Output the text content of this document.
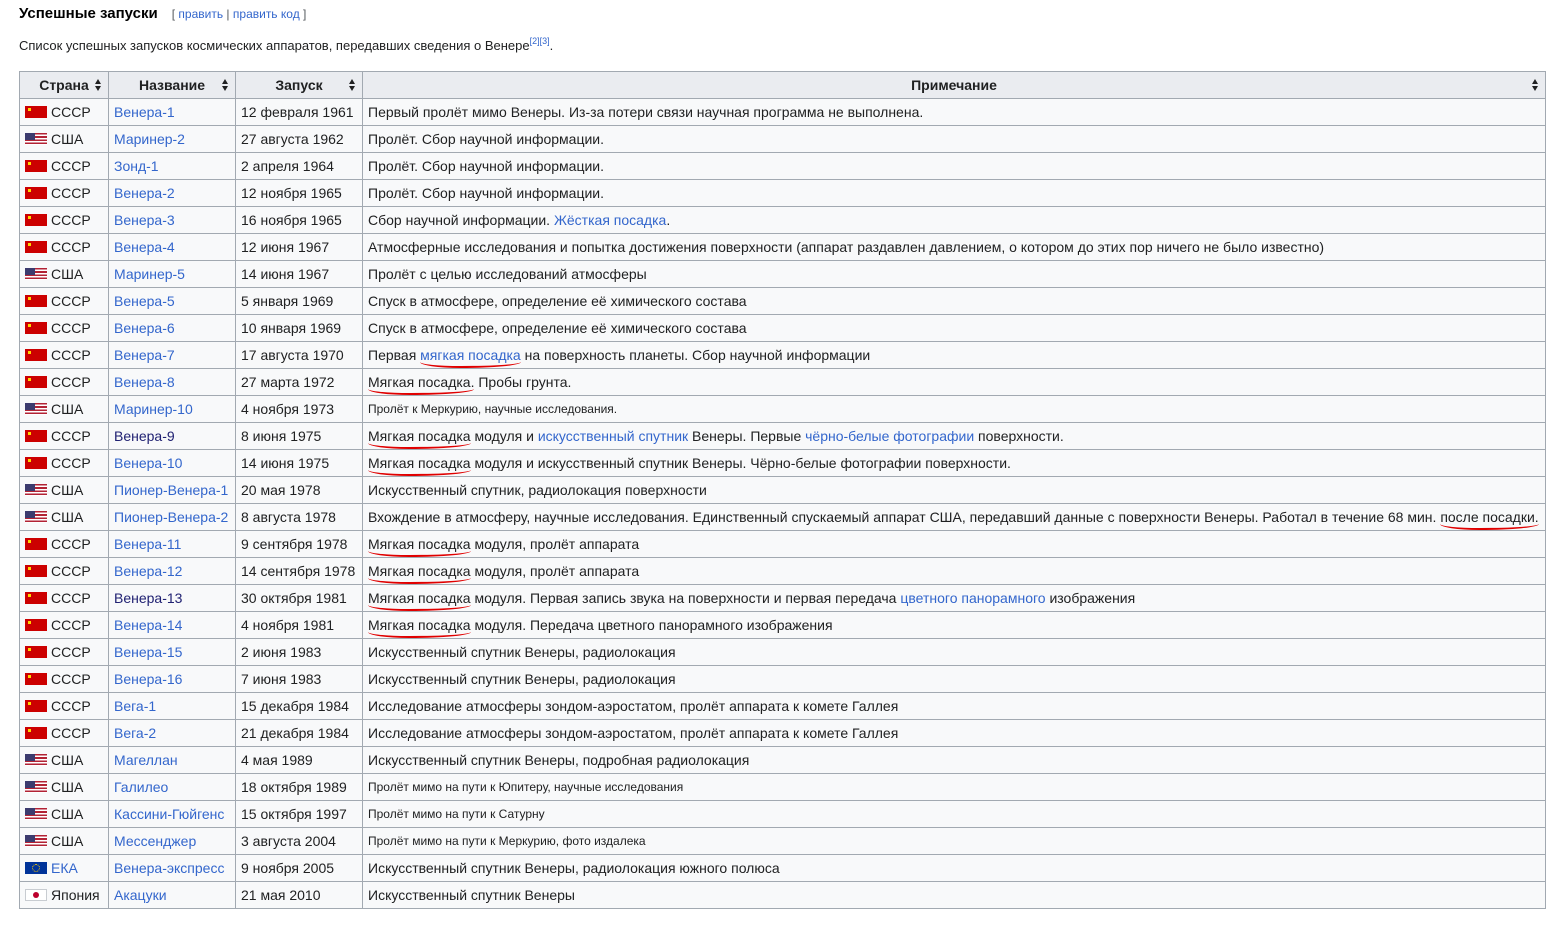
Успешные запуски [ править | править код ]
Список успешных запусков космических аппаратов, передавших сведения о Венере[2][3].
Страна	Название	Запуск	Примечание

СССР	Венера-1	12 февраля 1961	Первый пролёт мимо Венеры. Из-за потери связи научная программа не выполнена.
США	Маринер-2	27 августа 1962	Пролёт. Сбор научной информации.
СССР	Зонд-1	2 апреля 1964	Пролёт. Сбор научной информации.
СССР	Венера-2	12 ноября 1965	Пролёт. Сбор научной информации.
СССР	Венера-3	16 ноября 1965	Сбор научной информации. Жёсткая посадка.
СССР	Венера-4	12 июня 1967	Атмосферные исследования и попытка достижения поверхности (аппарат раздавлен давлением, о котором до этих пор ничего не было известно)
США	Маринер-5	14 июня 1967	Пролёт с целью исследований атмосферы
СССР	Венера-5	5 января 1969	Спуск в атмосфере, определение её химического состава
СССР	Венера-6	10 января 1969	Спуск в атмосфере, определение её химического состава
СССР	Венера-7	17 августа 1970	Первая мягкая посадка на поверхность планеты. Сбор научной информации
СССР	Венера-8	27 марта 1972	Мягкая посадка. Пробы грунта.
США	Маринер-10	4 ноября 1973	Пролёт к Меркурию, научные исследования.
СССР	Венера-9	8 июня 1975	Мягкая посадка модуля и искусственный спутник Венеры. Первые чёрно-белые фотографии поверхности.
СССР	Венера-10	14 июня 1975	Мягкая посадка модуля и искусственный спутник Венеры. Чёрно-белые фотографии поверхности.
США	Пионер-Венера-1	20 мая 1978	Искусственный спутник, радиолокация поверхности
США	Пионер-Венера-2	8 августа 1978	Вхождение в атмосферу, научные исследования. Единственный спускаемый аппарат США, передавший данные с поверхности Венеры. Работал в течение 68 мин. после посадки.
СССР	Венера-11	9 сентября 1978	Мягкая посадка модуля, пролёт аппарата
СССР	Венера-12	14 сентября 1978	Мягкая посадка модуля, пролёт аппарата
СССР	Венера-13	30 октября 1981	Мягкая посадка модуля. Первая запись звука на поверхности и первая передача цветного панорамного изображения
СССР	Венера-14	4 ноября 1981	Мягкая посадка модуля. Передача цветного панорамного изображения
СССР	Венера-15	2 июня 1983	Искусственный спутник Венеры, радиолокация
СССР	Венера-16	7 июня 1983	Искусственный спутник Венеры, радиолокация
СССР	Вега-1	15 декабря 1984	Исследование атмосферы зондом-аэростатом, пролёт аппарата к комете Галлея
СССР	Вега-2	21 декабря 1984	Исследование атмосферы зондом-аэростатом, пролёт аппарата к комете Галлея
США	Магеллан	4 мая 1989	Искусственный спутник Венеры, подробная радиолокация
США	Галилео	18 октября 1989	Пролёт мимо на пути к Юпитеру, научные исследования
США	Кассини-Гюйгенс	15 октября 1997	Пролёт мимо на пути к Сатурну
США	Мессенджер	3 августа 2004	Пролёт мимо на пути к Меркурию, фото издалека
ЕКА	Венера-экспресс	9 ноября 2005	Искусственный спутник Венеры, радиолокация южного полюса
Япония	Акацуки	21 мая 2010	Искусственный спутник Венеры
